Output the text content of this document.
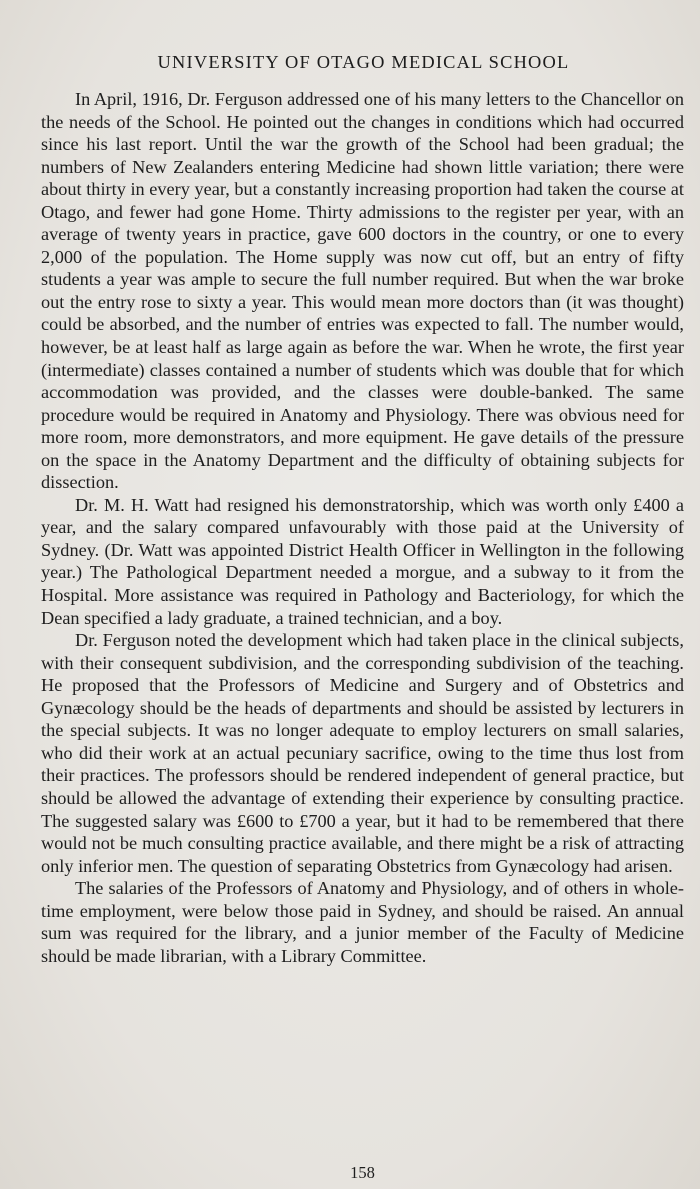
UNIVERSITY OF OTAGO MEDICAL SCHOOL

In April, 1916, Dr. Ferguson addressed one of his many letters to the Chancellor on the needs of the School. He pointed out the changes in conditions which had occurred since his last report. Until the war the growth of the School had been gradual; the numbers of New Zealanders entering Medicine had shown little variation; there were about thirty in every year, but a constantly increasing proportion had taken the course at Otago, and fewer had gone Home. Thirty admissions to the register per year, with an average of twenty years in practice, gave 600 doctors in the country, or one to every 2,000 of the population. The Home supply was now cut off, but an entry of fifty students a year was ample to secure the full number required. But when the war broke out the entry rose to sixty a year. This would mean more doctors than (it was thought) could be absorbed, and the number of entries was expected to fall. The number would, however, be at least half as large again as before the war. When he wrote, the first year (intermediate) classes contained a number of students which was double that for which accommodation was provided, and the classes were double-banked. The same procedure would be required in Anatomy and Physiology. There was obvious need for more room, more demonstrators, and more equipment. He gave details of the pressure on the space in the Anatomy Department and the difficulty of obtaining subjects for dissection.

Dr. M. H. Watt had resigned his demonstratorship, which was worth only £400 a year, and the salary compared unfavourably with those paid at the University of Sydney. (Dr. Watt was appointed District Health Officer in Wellington in the following year.) The Pathological Department needed a morgue, and a subway to it from the Hospital. More assistance was required in Pathology and Bacteriology, for which the Dean specified a lady graduate, a trained technician, and a boy.

Dr. Ferguson noted the development which had taken place in the clinical subjects, with their consequent subdivision, and the corresponding subdivision of the teaching. He proposed that the Professors of Medicine and Surgery and of Obstetrics and Gynæcology should be the heads of departments and should be assisted by lecturers in the special subjects. It was no longer adequate to employ lecturers on small salaries, who did their work at an actual pecuniary sacrifice, owing to the time thus lost from their practices. The professors should be rendered independent of general practice, but should be allowed the advantage of extending their experience by consulting practice. The suggested salary was £600 to £700 a year, but it had to be remembered that there would not be much consulting practice available, and there might be a risk of attracting only inferior men. The question of separating Obstetrics from Gynæcology had arisen.

The salaries of the Professors of Anatomy and Physiology, and of others in whole-time employment, were below those paid in Sydney, and should be raised. An annual sum was required for the library, and a junior member of the Faculty of Medicine should be made librarian, with a Library Committee.

158
